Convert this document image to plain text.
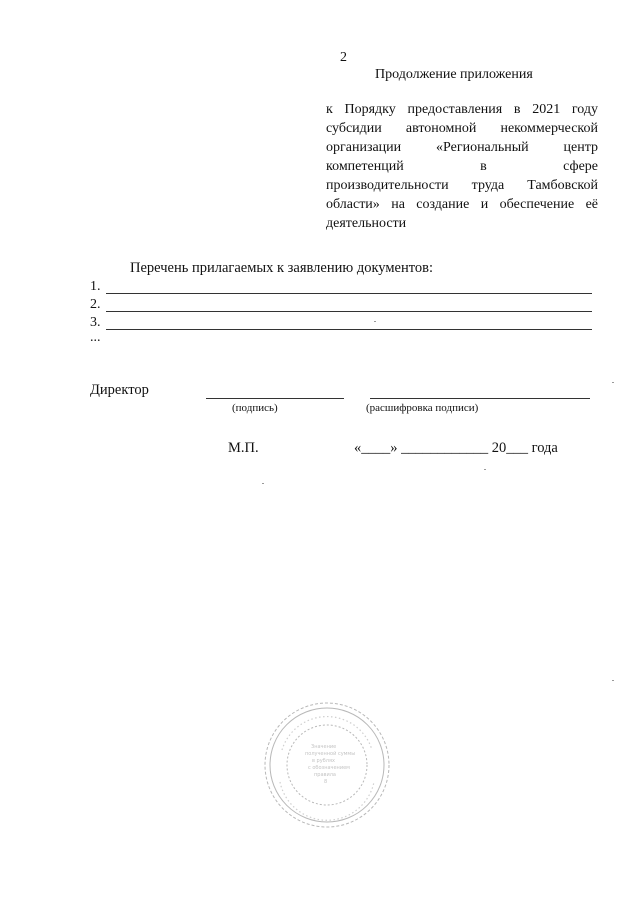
2
Продолжение приложения
к Порядку предоставления в 2021 году
субсидии автономной некоммерческой
организации «Региональный центр
компетенций в сфере
производительности труда Тамбовской
области» на создание и обеспечение её
деятельности
Перечень прилагаемых к заявлению документов:
1.
2.
3.
...
Директор
(подпись)	(расшифровка подписи)
М.П.	«____» ____________ 20___ года
Значение
полученной суммы
в рублях
с обозначением
правила
8
